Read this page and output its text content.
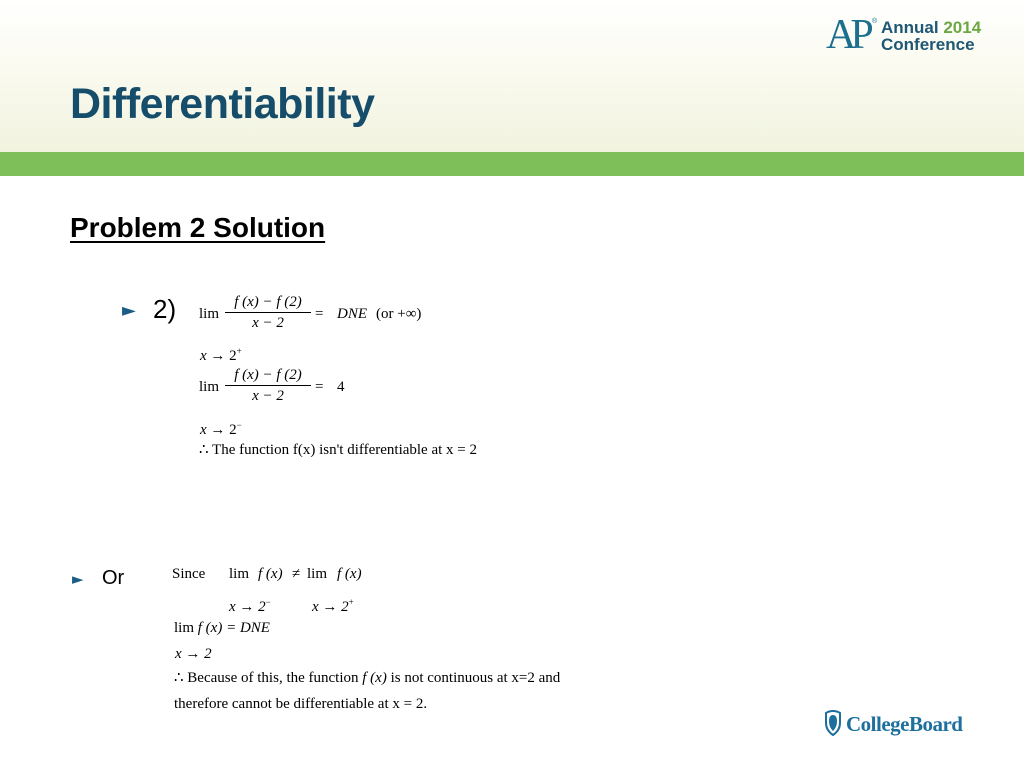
Differentiability
AP ® Annual 2014
Conference
Problem 2 Solution
► 2) $\lim \frac{f (x) - f (2)}{x - 2}$ = DNE (or +∞)
x → 2+
$\lim \frac{f (x) - f (2)}{x - 2} = 4$
x → 2−
∴ The function f(x) isn't differentiable at x = 2
► Or	Since lim f (x) ≠ lim f (x)
x → 2−	x → 2+
lim f (x) = DNE
x → 2
∴ Because of this, the function f (x) is not continuous at x=2 and
therefore cannot be differentiable at x = 2.
CollegeBoard
